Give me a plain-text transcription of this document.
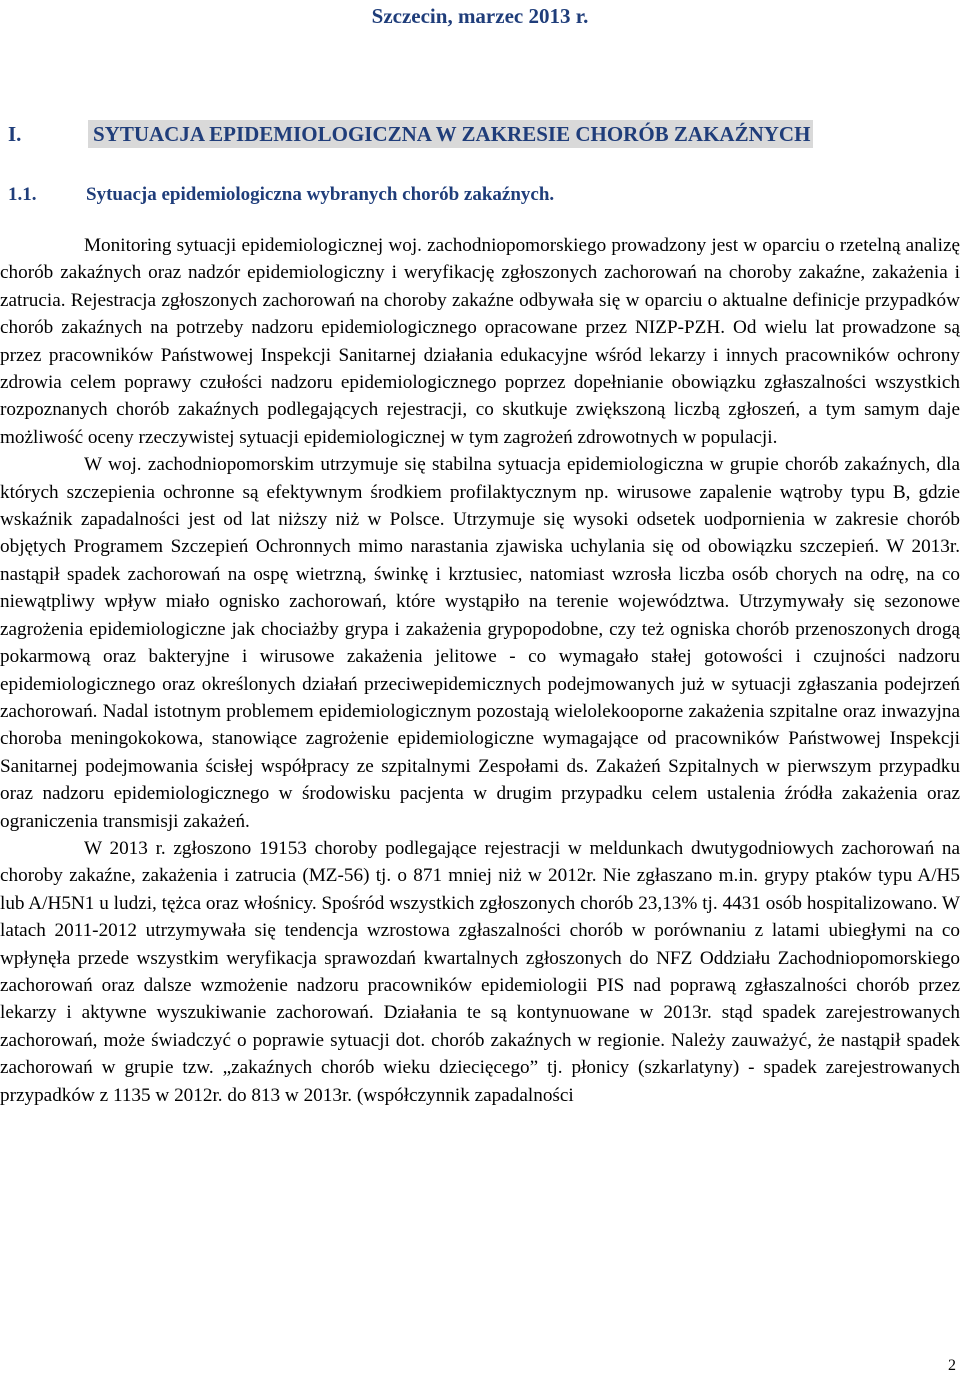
Szczecin, marzec 2013 r.
I.	SYTUACJA EPIDEMIOLOGICZNA W ZAKRESIE CHORÓB ZAKAŹNYCH
1.1.	Sytuacja epidemiologiczna wybranych chorób zakaźnych.

Monitoring sytuacji epidemiologicznej woj. zachodniopomorskiego prowadzony jest w oparciu o rzetelną analizę chorób zakaźnych oraz nadzór epidemiologiczny i weryfikację zgłoszonych zachorowań na choroby zakaźne, zakażenia i zatrucia. Rejestracja zgłoszonych zachorowań na choroby zakaźne odbywała się w oparciu o aktualne definicje przypadków chorób zakaźnych na potrzeby nadzoru epidemiologicznego opracowane przez NIZP-PZH. Od wielu lat prowadzone są przez pracowników Państwowej Inspekcji Sanitarnej działania edukacyjne wśród lekarzy i innych pracowników ochrony zdrowia celem poprawy czułości nadzoru epidemiologicznego poprzez dopełnianie obowiązku zgłaszalności wszystkich rozpoznanych chorób zakaźnych podlegających rejestracji, co skutkuje zwiększoną liczbą zgłoszeń, a tym samym daje możliwość oceny rzeczywistej sytuacji epidemiologicznej w tym zagrożeń zdrowotnych w populacji.

W woj. zachodniopomorskim utrzymuje się stabilna sytuacja epidemiologiczna w grupie chorób zakaźnych, dla których szczepienia ochronne są efektywnym środkiem profilaktycznym np. wirusowe zapalenie wątroby typu B, gdzie wskaźnik zapadalności jest od lat niższy niż w Polsce. Utrzymuje się wysoki odsetek uodpornienia w zakresie chorób objętych Programem Szczepień Ochronnych mimo narastania zjawiska uchylania się od obowiązku szczepień. W 2013r. nastąpił spadek zachorowań na ospę wietrzną, świnkę i krztusiec, natomiast wzrosła liczba osób chorych na odrę, na co niewątpliwy wpływ miało ognisko zachorowań, które wystąpiło na terenie województwa. Utrzymywały się sezonowe zagrożenia epidemiologiczne jak chociażby grypa i zakażenia grypopodobne, czy też ogniska chorób przenoszonych drogą pokarmową oraz bakteryjne i wirusowe zakażenia jelitowe - co wymagało stałej gotowości i czujności nadzoru epidemiologicznego oraz określonych działań przeciwepidemicznych podejmowanych już w sytuacji zgłaszania podejrzeń zachorowań. Nadal istotnym problemem epidemiologicznym pozostają wielolekooporne zakażenia szpitalne oraz inwazyjna choroba meningokokowa, stanowiące zagrożenie epidemiologiczne wymagające od pracowników Państwowej Inspekcji Sanitarnej podejmowania ścisłej współpracy ze szpitalnymi Zespołami ds. Zakażeń Szpitalnych w pierwszym przypadku oraz nadzoru epidemiologicznego w środowisku pacjenta w drugim przypadku celem ustalenia źródła zakażenia oraz ograniczenia transmisji zakażeń.

W 2013 r. zgłoszono 19153 choroby podlegające rejestracji w meldunkach dwutygodniowych zachorowań na choroby zakaźne, zakażenia i zatrucia (MZ-56) tj. o 871 mniej niż w 2012r. Nie zgłaszano m.in. grypy ptaków typu A/H5 lub A/H5N1 u ludzi, tężca oraz włośnicy. Spośród wszystkich zgłoszonych chorób 23,13% tj. 4431 osób hospitalizowano. W latach 2011-2012 utrzymywała się tendencja wzrostowa zgłaszalności chorób w porównaniu z latami ubiegłymi na co wpłynęła przede wszystkim weryfikacja sprawozdań kwartalnych zgłoszonych do NFZ Oddziału Zachodniopomorskiego zachorowań oraz dalsze wzmożenie nadzoru pracowników epidemiologii PIS nad poprawą zgłaszalności chorób przez lekarzy i aktywne wyszukiwanie zachorowań. Działania te są kontynuowane w 2013r. stąd spadek zarejestrowanych zachorowań, może świadczyć o poprawie sytuacji dot. chorób zakaźnych w regionie. Należy zauważyć, że nastąpił spadek zachorowań w grupie tzw. „zakaźnych chorób wieku dziecięcego” tj. płonicy (szkarlatyny) - spadek zarejestrowanych przypadków z 1135 w 2012r. do 813 w 2013r. (współczynnik zapadalności

2
